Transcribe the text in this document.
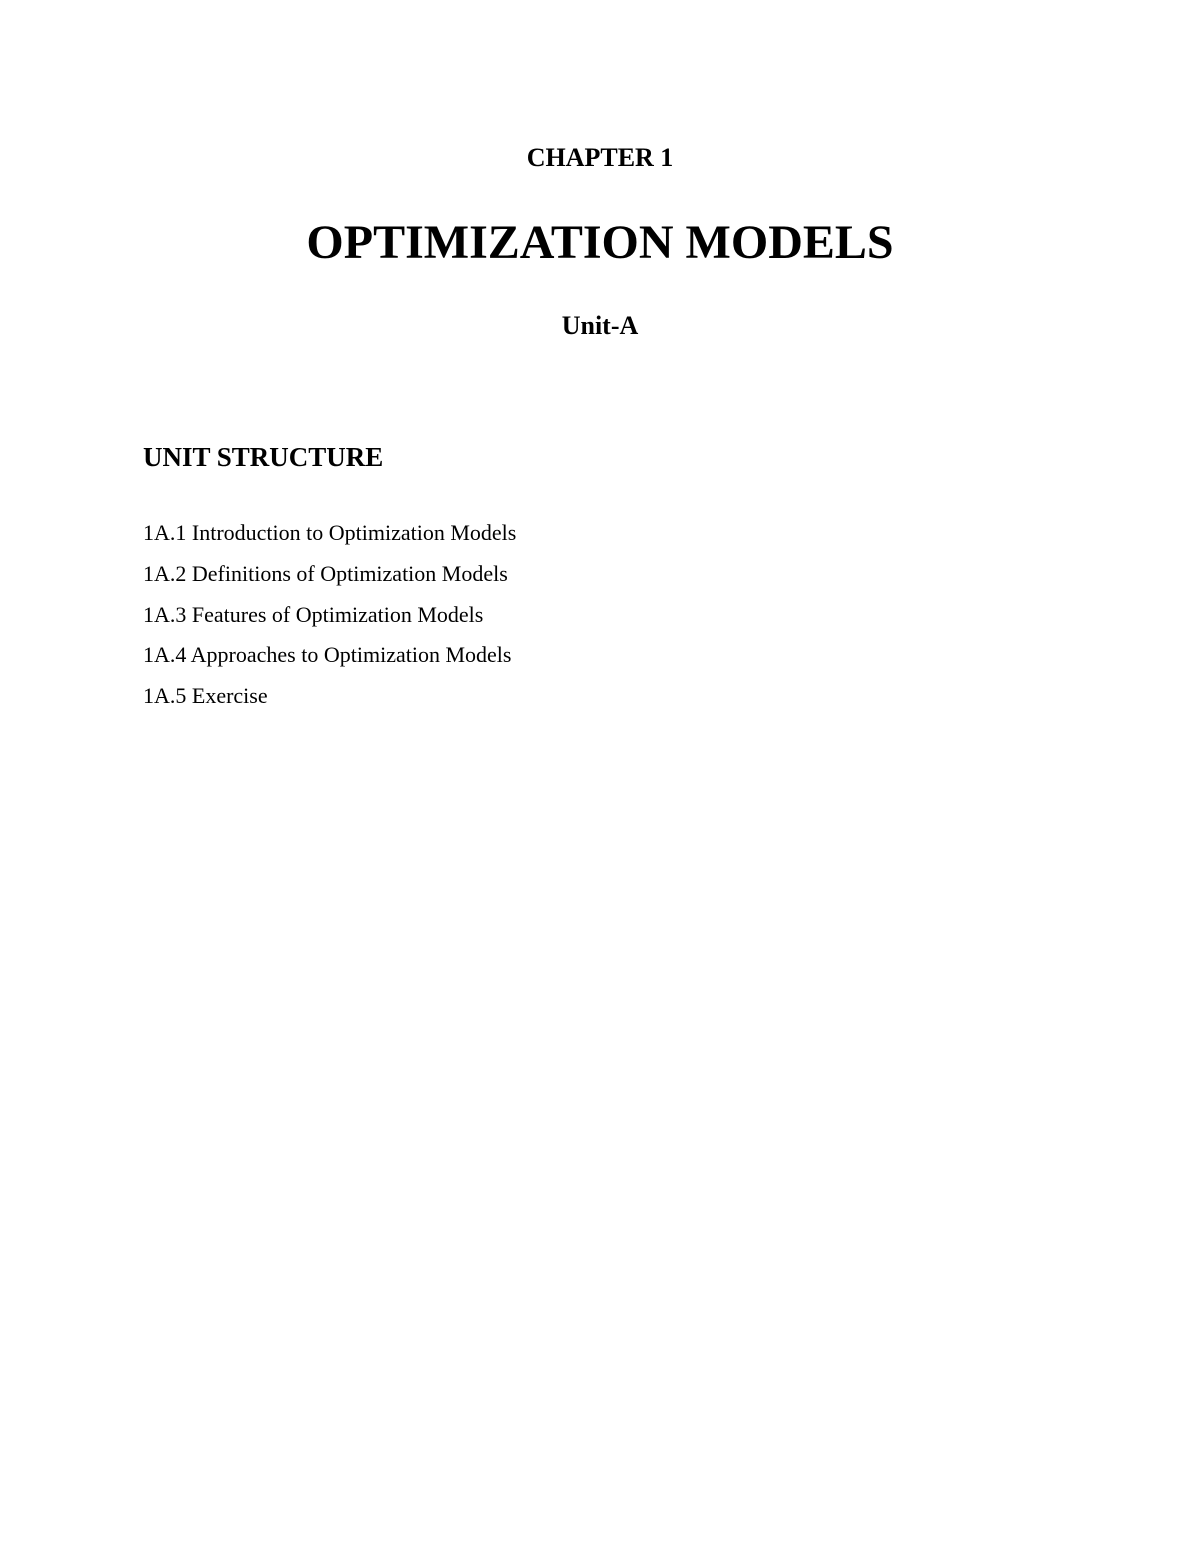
CHAPTER 1
OPTIMIZATION MODELS
Unit-A
UNIT STRUCTURE
1A.1 Introduction to Optimization Models
1A.2 Definitions of Optimization Models
1A.3 Features of Optimization Models
1A.4 Approaches to Optimization Models
1A.5 Exercise
